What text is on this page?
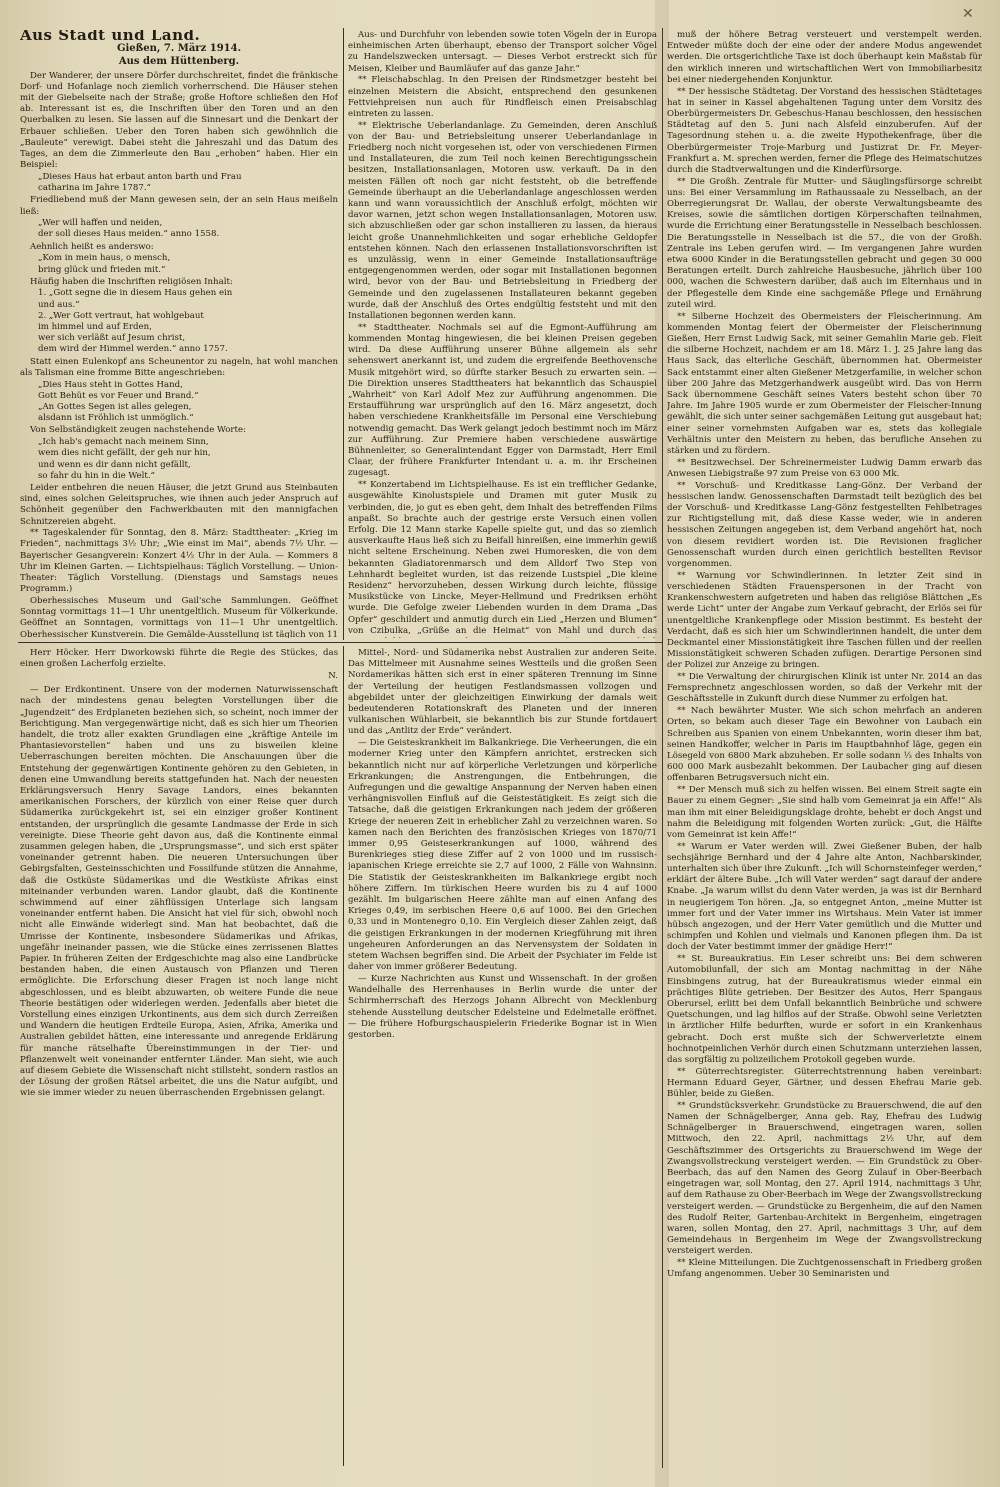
✕
Aus Stadt und Land.
Gießen, 7. März 1914.
Aus dem Hüttenberg.

Der Wanderer, der unsere Dörfer durchschreitet, findet die fränkische Dorf- und Hofanlage noch ziemlich vorherrschend. Die Häuser stehen mit der Giebelseite nach der Straße; große Hoftore schließen den Hof ab. Interessant ist es, die Inschriften über den Toren und an den Querbalken zu lesen. Sie lassen auf die Sinnesart und die Denkart der Erbauer schließen. Ueber den Toren haben sich gewöhnlich die „Bauleute“ verewigt. Dabei steht die Jahreszahl und das Datum des Tages, an dem die Zimmerleute den Bau „erhoben“ haben. Hier ein Beispiel:

„Dieses Haus hat erbaut anton barth und Frau
catharina im Jahre 1787.“

Friedliebend muß der Mann gewesen sein, der an sein Haus meißeln ließ:

„Wer will haffen und neiden,
der soll dieses Haus meiden.“ anno 1558.

Aehnlich heißt es anderswo:

„Kom in mein haus, o mensch,
bring glück und frieden mit.“

Häufig haben die Inschriften religiösen Inhalt:

1. „Gott segne die in diesem Haus gehen ein
und aus.“
2. „Wer Gott vertraut, hat wohlgebaut
im himmel und auf Erden,
wer sich verläßt auf Jesum christ,
dem wird der Himmel werden.“ anno 1757.

Statt einen Eulenkopf ans Scheunentor zu nageln, hat wohl manchen als Talisman eine fromme Bitte angeschrieben:

„Dies Haus steht in Gottes Hand,
Gott Behüt es vor Feuer und Brand.“
„An Gottes Segen ist alles gelegen,
alsdann ist Fröhlich ist unmöglich.“

Von Selbständigkeit zeugen nachstehende Worte:

„Ich hab's gemacht nach meinem Sinn,
wem dies nicht gefällt, der geh nur hin,
und wenn es dir dann nicht gefällt,
so fahr du hin in die Welt.“

Leider entbehren die neuen Häuser, die jetzt Grund aus Steinbauten sind, eines solchen Geleitspruches, wie ihnen auch jeder Anspruch auf Schönheit gegenüber den Fachwerkbauten mit den mannigfachen Schnitzereien abgeht.

** Tageskalender für Sonntag, den 8. März: Stadttheater: „Krieg im Frieden“, nachmittags 3½ Uhr; „Wie einst im Mai“, abends 7½ Uhr. — Bayerischer Gesangverein: Konzert 4½ Uhr in der Aula. — Kommers 8 Uhr im Kleinen Garten. — Lichtspielhaus: Täglich Vorstellung. — Union-Theater: Täglich Vorstellung. (Dienstags und Samstags neues Programm.)

Oberhessisches Museum und Gail'sche Sammlungen. Geöffnet Sonntag vormittags 11—1 Uhr unentgeltlich. Museum für Völkerkunde. Geöffnet an Sonntagen, vormittags von 11—1 Uhr unentgeltlich. Oberhessischer Kunstverein. Die Gemälde-Ausstellung ist täglich von 11

Aus- und Durchfuhr von lebenden sowie toten Vögeln der in Europa einheimischen Arten überhaupt, ebenso der Transport solcher Vögel zu Handelszwecken untersagt. — Dieses Verbot erstreckt sich für Meisen, Kleiber und Baumläufer auf das ganze Jahr.“

** Fleischabschlag. In den Preisen der Rindsmetzger besteht bei einzelnen Meistern die Absicht, entsprechend den gesunkenen Fettviehpreisen nun auch für Rindfleisch einen Preisabschlag eintreten zu lassen.

** Elektrische Ueberlandanlage. Zu Gemeinden, deren Anschluß von der Bau- und Betriebsleitung unserer Ueberlandanlage in Friedberg noch nicht vorgesehen ist, oder von verschiedenen Firmen und Installateuren, die zum Teil noch keinen Berechtigungsschein besitzen, Installationsanlagen, Motoren usw. verkauft. Da in den meisten Fällen oft noch gar nicht feststeht, ob die betreffende Gemeinde überhaupt an die Ueberlandanlage angeschlossen werden kann und wann voraussichtlich der Anschluß erfolgt, möchten wir davor warnen, jetzt schon wegen Installationsanlagen, Motoren usw. sich abzuschließen oder gar schon installieren zu lassen, da hieraus leicht große Unannehmlichkeiten und sogar erhebliche Geldopfer entstehen können. Nach den erlassenen Installationsvorschriften ist es unzulässig, wenn in einer Gemeinde Installationsaufträge entgegengenommen werden, oder sogar mit Installationen begonnen wird, bevor von der Bau- und Betriebsleitung in Friedberg der Gemeinde und den zugelassenen Installateuren bekannt gegeben wurde, daß der Anschluß des Ortes endgültig feststeht und mit den Installationen begonnen werden kann.

** Stadttheater. Nochmals sei auf die Egmont-Aufführung am kommenden Montag hingewiesen, die bei kleinen Preisen gegeben wird. Da diese Aufführung unserer Bühne allgemein als sehr sehenswert anerkannt ist, und zudem die ergreifende Beethovensche Musik mitgehört wird, so dürfte starker Besuch zu erwarten sein. — Die Direktion unseres Stadttheaters hat bekanntlich das Schauspiel „Wahrheit“ von Karl Adolf Mez zur Aufführung angenommen. Die Erstaufführung war ursprünglich auf den 16. März angesetzt, doch haben verschiedene Krankheitsfälle im Personal eine Verschiebung notwendig gemacht. Das Werk gelangt jedoch bestimmt noch im März zur Aufführung. Zur Premiere haben verschiedene auswärtige Bühnenleiter, so Generalintendant Egger von Darmstadt, Herr Emil Claar, der frühere Frankfurter Intendant u. a. m. ihr Erscheinen zugesagt.

** Konzertabend im Lichtspielhause. Es ist ein trefflicher Gedanke, ausgewählte Kinolustspiele und Dramen mit guter Musik zu verbinden, die, jo gut es eben geht, dem Inhalt des betreffenden Films anpaßt. So brachte auch der gestrige erste Versuch einen vollen Erfolg. Die 12 Mann starke Kapelle spielte gut, und das so ziemlich ausverkaufte Haus ließ sich zu Beifall hinreißen, eine immerhin gewiß nicht seltene Erscheinung. Neben zwei Humoresken, die von dem bekannten Gladiatorenmarsch und dem Alldorf Two Step von Lehnhardt begleitet wurden, ist das reizende Lustspiel „Die kleine Residenz“ hervorzuheben, dessen Wirkung durch leichte, flüssige Musikstücke von Lincke, Meyer-Hellmund und Fredriksen erhöht wurde. Die Gefolge zweier Liebenden wurden in dem Drama „Das Opfer“ geschildert und anmutig durch ein Lied „Herzen und Blumen“ von Czibulka, „Grüße an die Heimat“ von Mahl und durch das

muß der höhere Betrag versteuert und verstempelt werden. Entweder müßte doch der eine oder der andere Modus angewendet werden. Die ortsgerichtliche Taxe ist doch überhaupt kein Maßstab für den wirklich inneren und wirtschaftlichen Wert von Immobiliarbesitz bei einer niedergehenden Konjunktur.

** Der hessische Städtetag. Der Vorstand des hessischen Städtetages hat in seiner in Kassel abgehaltenen Tagung unter dem Vorsitz des Oberbürgermeisters Dr. Gebeschus-Hanau beschlossen, den hessischen Städtetag auf den 5. Juni nach Alsfeld einzuberufen. Auf der Tagesordnung stehen u. a. die zweite Hypothekenfrage, über die Oberbürgermeister Troje-Marburg und Justizrat Dr. Fr. Meyer-Frankfurt a. M. sprechen werden, ferner die Pflege des Heimatschutzes durch die Stadtverwaltungen und die Kinderfürsorge.

** Die Großh. Zentrale für Mutter- und Säuglingsfürsorge schreibt uns: Bei einer Versammlung im Rathaussaale zu Nesselbach, an der Oberregierungsrat Dr. Wallau, der oberste Verwaltungsbeamte des Kreises, sowie die sämtlichen dortigen Körperschaften teilnahmen, wurde die Errichtung einer Beratungsstelle in Nesselbach beschlossen. Die Beratungsstelle in Nesselbach ist die 57., die von der Großh. Zentrale ins Leben gerufen wird. — Im vergangenen Jahre wurden etwa 6000 Kinder in die Beratungsstellen gebracht und gegen 30 000 Beratungen erteilt. Durch zahlreiche Hausbesuche, jährlich über 100 000, wachen die Schwestern darüber, daß auch im Elternhaus und in der Pflegestelle dem Kinde eine sachgemäße Pflege und Ernährung zuteil wird.

** Silberne Hochzeit des Obermeisters der Fleischerinnung. Am kommenden Montag feiert der Obermeister der Fleischerinnung Gießen, Herr Ernst Ludwig Sack, mit seiner Gemahlin Marie geb. Fleit die silberne Hochzeit, nachdem er am 18. März 1. J. 25 Jahre lang das Haus Sack, das elterliche Geschäft, übernommen hat. Obermeister Sack entstammt einer alten Gießener Metzgerfamilie, in welcher schon über 200 Jahre das Metzgerhandwerk ausgeübt wird. Das von Herrn Sack übernommene Geschäft seines Vaters besteht schon über 70 Jahre. Im Jahre 1905 wurde er zum Obermeister der Fleischer-Innung gewählt, die sich unter seiner sachgemäßen Leitung gut ausgebaut hat; einer seiner vornehmsten Aufgaben war es, stets das kollegiale Verhältnis unter den Meistern zu heben, das berufliche Ansehen zu stärken und zu fördern.

** Besitzwechsel. Der Schreinermeister Ludwig Damm erwarb das Anwesen Liebigstraße 97 zum Preise von 63 000 Mk.

** Vorschuß- und Kreditkasse Lang-Gönz. Der Verband der hessischen landw. Genossenschaften Darmstadt teilt bezüglich des bei der Vorschuß- und Kreditkasse Lang-Gönz festgestellten Fehlbetrages zur Richtigstellung mit, daß diese Kasse weder, wie in anderen hessischen Zeitungen angegeben ist, dem Verband angehört hat, noch von diesem revidiert worden ist. Die Revisionen fraglicher Genossenschaft wurden durch einen gerichtlich bestellten Revisor vorgenommen.

** Warnung vor Schwindlerinnen. In letzter Zeit sind in verschiedenen Städten Frauenspersonen in der Tracht von Krankenschwestern aufgetreten und haben das religiöse Blättchen „Es werde Licht“ unter der Angabe zum Verkauf gebracht, der Erlös sei für unentgeltliche Krankenpflege oder Mission bestimmt. Es besteht der Verdacht, daß es sich hier um Schwindlerinnen handelt, die unter dem Deckmantel einer Missionstätigkeit ihre Taschen füllen und der reellen Missionstätigkeit schweren Schaden zufügen. Derartige Personen sind der Polizei zur Anzeige zu bringen.

** Die Verwaltung der chirurgischen Klinik ist unter Nr. 2014 an das Fernsprechnetz angeschlossen worden, so daß der Verkehr mit der Geschäftsstelle in Zukunft durch diese Nummer zu erfolgen hat.

** Nach bewährter Muster. Wie sich schon mehrfach an anderen Orten, so bekam auch dieser Tage ein Bewohner von Laubach ein Schreiben aus Spanien von einem Unbekannten, worin dieser ihm bat, seinen Handkoffer, welcher in Paris im Hauptbahnhof läge, gegen ein Lösegeld von 6800 Mark abzuheben. Er solle sodann ⅓ des Inhalts von 600 000 Mark ausbezahlt bekommen. Der Laubacher ging auf diesen offenbaren Betrugsversuch nicht ein.

** Der Mensch muß sich zu helfen wissen. Bei einem Streit sagte ein Bauer zu einem Gegner: „Sie sind halb vom Gemeinrat ja ein Affe!“ Als man ihm mit einer Beleidigungsklage drohte, behebt er doch Angst und nahm die Beleidigung mit folgenden Worten zurück: „Gut, die Hälfte vom Gemeinrat ist kein Affe!“

** Warum er Vater werden will. Zwei Gießener Buben, der halb sechsjährige Bernhard und der 4 Jahre alte Anton, Nachbarskinder, unterhalten sich über ihre Zukunft. „Ich will Schornsteinfeger werden,“ erklärt der ältere Bube. „Ich will Vater werden“ sagt darauf der andere Knabe. „Ja warum willst du denn Vater werden, ja was ist dir Bernhard in neugierigem Ton hören. „Ja, so entgegnet Anton, „meine Mutter ist immer fort und der Vater immer ins Wirtshaus. Mein Vater ist immer hübsch angezogen, und der Herr Vater gemütlich und die Mutter und schimpfen und Kohlen und vielmals und Kanonen pflegen ihm. Da ist doch der Vater bestimmt immer der gnädige Herr!“

** St. Bureaukratius. Ein Leser schreibt uns: Bei dem schweren Automobilunfall, der sich am Montag nachmittag in der Nähe Einsbingens zutrug, hat der Bureaukratismus wieder einmal ein prächtiges Blüte getrieben. Der Besitzer des Autos, Herr Spangaus Oberursel, erlitt bei dem Unfall bekanntlich Beinbrüche und schwere Quetschungen, und lag hilflos auf der Straße. Obwohl seine Verletzten in ärztlicher Hilfe bedurften, wurde er sofort in ein Krankenhaus gebracht. Doch erst mußte sich der Schwerverletzte einem hochnotpeinlichen Verhör durch einen Schutzmann unterziehen lassen, das sorgfältig zu polizeilichem Protokoll gegeben wurde.

** Güterrechtsregister. Güterrechtstrennung haben vereinbart: Hermann Eduard Geyer, Gärtner, und dessen Ehefrau Marie geb. Bühler, beide zu Gießen.

** Grundstücksverkehr. Grundstücke zu Brauerschwend, die auf den Namen der Schnägelberger, Anna geb. Ray, Ehefrau des Ludwig Schnägelberger in Brauerschwend, eingetragen waren, sollen Mittwoch, den 22. April, nachmittags 2½ Uhr, auf dem Geschäftszimmer des Ortsgerichts zu Brauerschwend im Wege der Zwangsvollstreckung versteigert werden. — Ein Grundstück zu Ober-Beerbach, das auf den Namen des Georg Zulauf in Ober-Beerbach eingetragen war, soll Montag, den 27. April 1914, nachmittags 3 Uhr, auf dem Rathause zu Ober-Beerbach im Wege der Zwangsvollstreckung versteigert werden. — Grundstücke zu Bergenheim, die auf den Namen des Rudolf Reiter, Gartenbau-Architekt in Bergenheim, eingetragen waren, sollen Montag, den 27. April, nachmittags 3 Uhr, auf dem Gemeindehaus in Bergenheim im Wege der Zwangsvollstreckung versteigert werden.

** Kleine Mitteilungen. Die Zuchtgenossenschaft in Friedberg großen Umfang angenommen. Ueber 30 Seminaristen und

Herr Höcker. Herr Dworkowski führte die Regie des Stückes, das einen großen Lacherfolg erzielte.

N.

— Der Erdkontinent. Unsere von der modernen Naturwissenschaft nach der mindestens genau belegten Vorstellungen über die „Jugendzeit“ des Erdplaneten beziehen sich, so scheint, noch immer der Berichtigung. Man vergegenwärtige nicht, daß es sich hier um Theorien handelt, die trotz aller exakten Grundlagen eine „kräftige Anteile im Phantasievorstellen“ haben und uns zu bisweilen kleine Ueberraschungen bereiten möchten. Die Anschauungen über die Entstehung der gegenwärtigen Kontinente gehören zu den Gebieten, in denen eine Umwandlung bereits stattgefunden hat. Nach der neuesten Erklärungsversuch Henry Savage Landors, eines bekannten amerikanischen Forschers, der kürzlich von einer Reise quer durch Südamerika zurückgekehrt ist, sei ein einziger großer Kontinent entstanden, der ursprünglich die gesamte Landmasse der Erde in sich vereinigte. Diese Theorie geht davon aus, daß die Kontinente einmal zusammen gelegen haben, die „Ursprungsmasse“, und sich erst später voneinander getrennt haben. Die neueren Untersuchungen über Gebirgsfalten, Gesteinsschichten und Fossilfunde stützen die Annahme, daß die Ostküste Südamerikas und die Westküste Afrikas einst miteinander verbunden waren. Landor glaubt, daß die Kontinente schwimmend auf einer zähflüssigen Unterlage sich langsam voneinander entfernt haben. Die Ansicht hat viel für sich, obwohl noch nicht alle Einwände widerlegt sind. Man hat beobachtet, daß die Umrisse der Kontinente, insbesondere Südamerikas und Afrikas, ungefähr ineinander passen, wie die Stücke eines zerrissenen Blattes Papier. In früheren Zeiten der Erdgeschichte mag also eine Landbrücke bestanden haben, die einen Austausch von Pflanzen und Tieren ermöglichte. Die Erforschung dieser Fragen ist noch lange nicht abgeschlossen, und es bleibt abzuwarten, ob weitere Funde die neue Theorie bestätigen oder widerlegen werden. Jedenfalls aber bietet die Vorstellung eines einzigen Urkontinents, aus dem sich durch Zerreißen und Wandern die heutigen Erdteile Europa, Asien, Afrika, Amerika und Australien gebildet hätten, eine interessante und anregende Erklärung für manche rätselhafte Übereinstimmungen in der Tier- und Pflanzenwelt weit voneinander entfernter Länder. Man sieht, wie auch auf diesem Gebiete die Wissenschaft nicht stillsteht, sondern rastlos an der Lösung der großen Rätsel arbeitet, die uns die Natur aufgibt, und wie sie immer wieder zu neuen überraschenden Ergebnissen gelangt.

Mittel-, Nord- und Südamerika nebst Australien zur anderen Seite. Das Mittelmeer mit Ausnahme seines Westteils und die großen Seen Nordamerikas hätten sich erst in einer späteren Trennung im Sinne der Verteilung der heutigen Festlandsmassen vollzogen und abgebildet unter der gleichzeitigen Einwirkung der damals weit bedeutenderen Rotationskraft des Planeten und der inneren vulkanischen Wühlarbeit, sie bekanntlich bis zur Stunde fortdauert und das „Antlitz der Erde“ verändert.

— Die Geisteskrankheit im Balkankriege. Die Verheerungen, die ein moderner Krieg unter den Kämpfern anrichtet, erstrecken sich bekanntlich nicht nur auf körperliche Verletzungen und körperliche Erkrankungen; die Anstrengungen, die Entbehrungen, die Aufregungen und die gewaltige Anspannung der Nerven haben einen verhängnisvollen Einfluß auf die Geistestätigkeit. Es zeigt sich die Tatsache, daß die geistigen Erkrankungen nach jedem der größeren Kriege der neueren Zeit in erheblicher Zahl zu verzeichnen waren. So kamen nach den Berichten des französischen Krieges von 1870/71 immer 0,95 Geisteserkrankungen auf 1000, während des Burenkrieges stieg diese Ziffer auf 2 von 1000 und im russisch-japanischen Kriege erreichte sie 2,7 auf 1000, 2 Fälle von Wahnsinn. Die Statistik der Geisteskrankheiten im Balkankriege ergibt noch höhere Ziffern. Im türkischen Heere wurden bis zu 4 auf 1000 gezählt. Im bulgarischen Heere zählte man auf einen Anfang des Krieges 0,49, im serbischen Heere 0,6 auf 1000. Bei den Griechen 0,33 und in Montenegro 0,10. Ein Vergleich dieser Zahlen zeigt, daß die geistigen Erkrankungen in der modernen Kriegführung mit ihren ungeheuren Anforderungen an das Nervensystem der Soldaten in stetem Wachsen begriffen sind. Die Arbeit der Psychiater im Felde ist daher von immer größerer Bedeutung.

— Kurze Nachrichten aus Kunst und Wissenschaft. In der großen Wandelhalle des Herrenhauses in Berlin wurde die unter der Schirmherrschaft des Herzogs Johann Albrecht von Mecklenburg stehende Ausstellung deutscher Edelsteine und Edelmetalle eröffnet. — Die frühere Hofburgschauspielerin Friederike Bognar ist in Wien gestorben.
